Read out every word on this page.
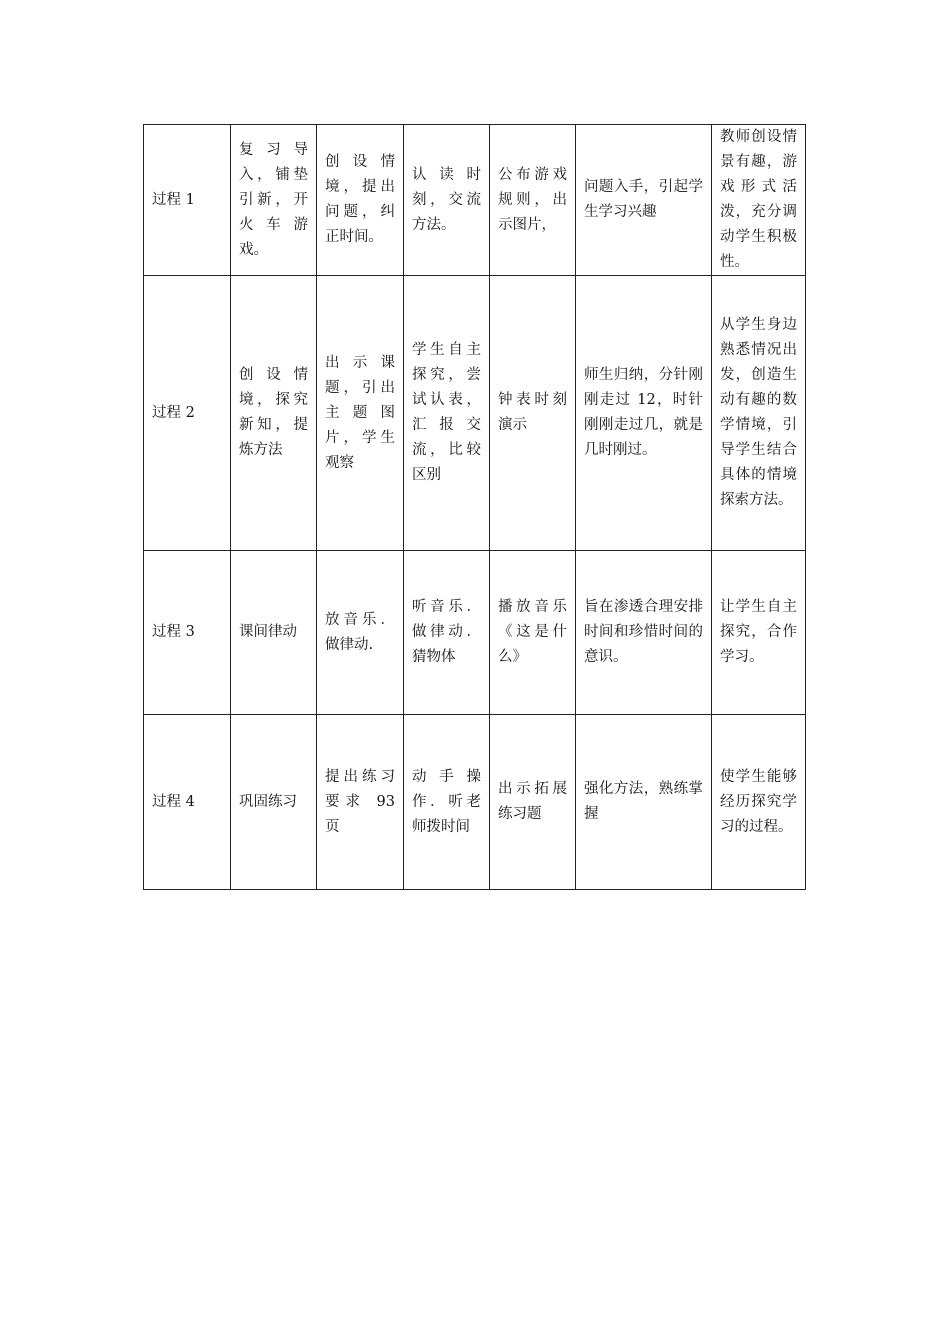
过程 1	复习导入，铺垫引新，开火车游戏。	创设情境，提出问题，纠正时间。	认读时刻，交流方法。	公布游戏规则，出示图片，	问题入手，引起学生学习兴趣	教师创设情景有趣，游戏形式活泼，充分调动学生积极性。
过程 2	创设情境，探究新知，提炼方法	出示课题，引出主题图片，学生观察	学生自主探究，尝试认表，汇报交流，比较区别	钟表时刻演示	师生归纳，分针刚刚走过 12，时针刚刚走过几，就是几时刚过。	从学生身边熟悉情况出发，创造生动有趣的数学情境，引导学生结合具体的情境探索方法。
过程 3	课间律动	放音乐．做律动.	听音乐．做律动．猜物体	播放音乐《这是什么》	旨在渗透合理安排时间和珍惜时间的意识。	让学生自主探究，合作学习。
过程 4	巩固练习	提出练习要求 93 页	动手操作．听老师拨时间	出示拓展练习题	强化方法，熟练掌握	使学生能够经历探究学习的过程。
